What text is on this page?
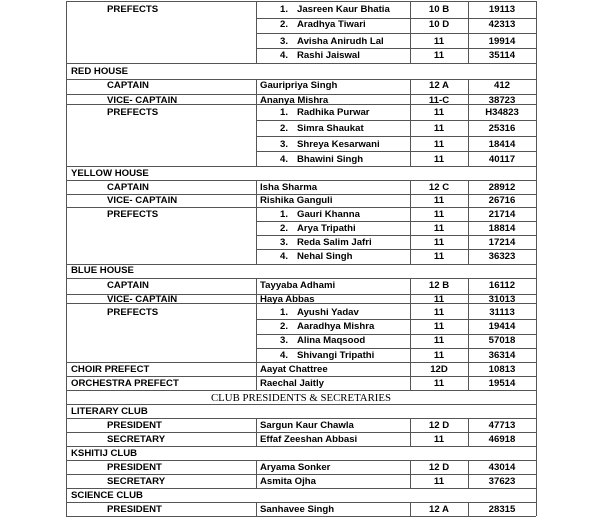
PREFECTS	1. Jasreen Kaur Bhatia	10 B	19113
2. Aradhya Tiwari	10 D	42313
3. Avisha Anirudh Lal	11	19914
4. Rashi Jaiswal	11	35114
RED HOUSE
CAPTAIN	Gauripriya Singh	12 A	412
VICE- CAPTAIN	Ananya Mishra	11-C	38723
PREFECTS	1. Radhika Purwar	11	H34823
2. Simra Shaukat	11	25316
3. Shreya Kesarwani	11	18414
4. Bhawini Singh	11	40117
YELLOW HOUSE
CAPTAIN	Isha Sharma	12 C	28912
VICE- CAPTAIN	Rishika Ganguli	11	26716
PREFECTS	1. Gauri Khanna	11	21714
2. Arya Tripathi	11	18814
3. Reda Salim Jafri	11	17214
4. Nehal Singh	11	36323
BLUE HOUSE
CAPTAIN	Tayyaba Adhami	12 B	16112
VICE- CAPTAIN	Haya Abbas	11	31013
PREFECTS	1. Ayushi Yadav	11	31113
2. Aaradhya Mishra	11	19414
3. Alina Maqsood	11	57018
4. Shivangi Tripathi	11	36314
CHOIR PREFECT	Aayat Chattree	12D	10813
ORCHESTRA PREFECT	Raechal Jaitly	11	19514
CLUB PRESIDENTS & SECRETARIES
LITERARY CLUB
PRESIDENT	Sargun Kaur Chawla	12 D	47713
SECRETARY	Effaf Zeeshan Abbasi	11	46918
KSHITIJ CLUB
PRESIDENT	Aryama Sonker	12 D	43014
SECRETARY	Asmita Ojha	11	37623
SCIENCE CLUB
PRESIDENT	Sanhavee Singh	12 A	28315
